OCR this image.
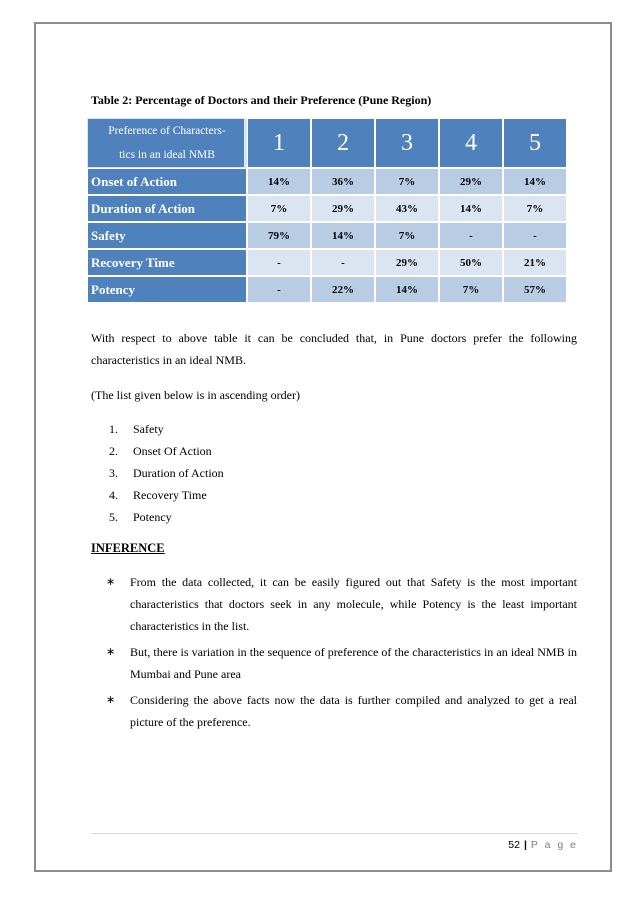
Table 2: Percentage of Doctors and their Preference (Pune Region)
Preference of Characters-
tics in an ideal NMB	1	2	3	4	5
Onset of Action	14%	36%	7%	29%	14%
Duration of Action	7%	29%	43%	14%	7%
Safety	79%	14%	7%	-	-
Recovery Time	-	-	29%	50%	21%
Potency	-	22%	14%	7%	57%

With respect to above table it can be concluded that, in Pune doctors prefer the following characteristics in an ideal NMB.

(The list given below is in ascending order)

1. Safety
2. Onset Of Action
3. Duration of Action
4. Recovery Time
5. Potency
INFERENCE
∗ From the data collected, it can be easily figured out that Safety is the most important characteristics that doctors seek in any molecule, while Potency is the least important characteristics in the list.
∗ But, there is variation in the sequence of preference of the characteristics in an ideal NMB in Mumbai and Pune area
∗ Considering the above facts now the data is further compiled and analyzed to get a real picture of the preference.
52 | P a g e
